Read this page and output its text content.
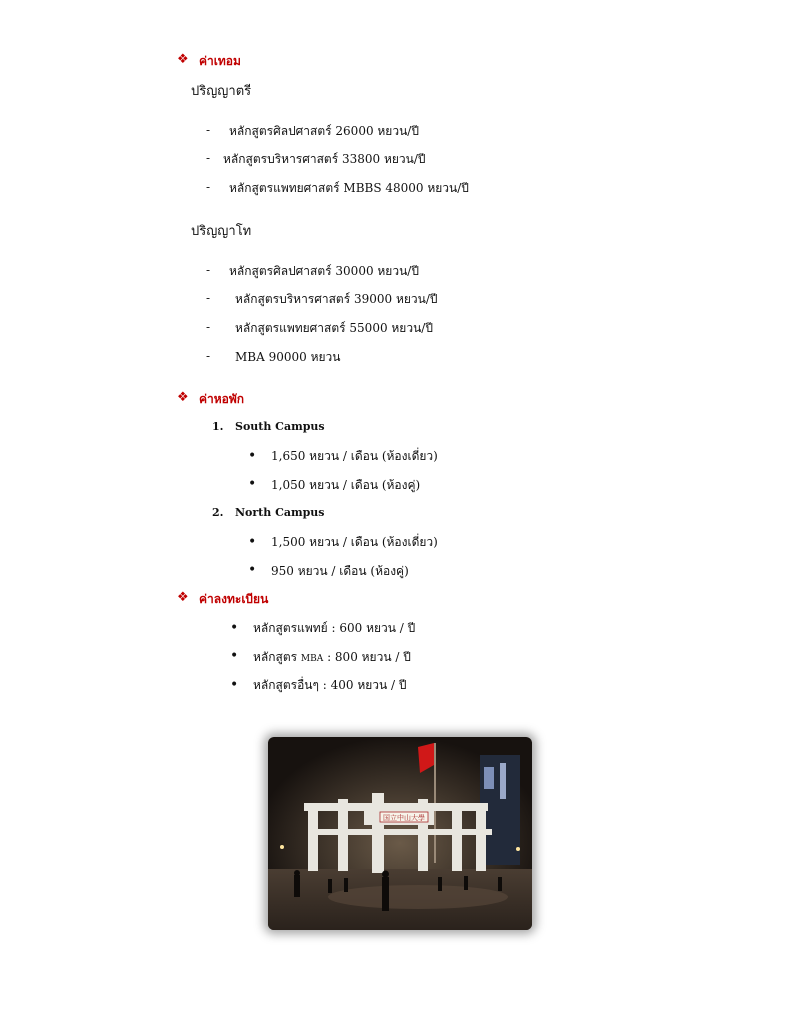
❖ ค่าเทอม
ปริญญาตรี
- หลักสูตรศิลปศาสตร์ 26000 หยวน/ปี
- หลักสูตรบริหารศาสตร์ 33800 หยวน/ปี
- หลักสูตรแพทยศาสตร์ MBBS 48000 หยวน/ปี
ปริญญาโท
- หลักสูตรศิลปศาสตร์ 30000 หยวน/ปี
- หลักสูตรบริหารศาสตร์ 39000 หยวน/ปี
- หลักสูตรแพทยศาสตร์ 55000 หยวน/ปี
- MBA 90000 หยวน
❖ ค่าหอพัก
1. South Campus
• 1,650 หยวน / เดือน (ห้องเดี่ยว)
• 1,050 หยวน / เดือน (ห้องคู่)
2. North Campus
• 1,500 หยวน / เดือน (ห้องเดี่ยว)
• 950 หยวน / เดือน (ห้องคู่)
❖ ค่าลงทะเบียน
• หลักสูตรแพทย์ : 600 หยวน / ปี
• หลักสูตร MBA : 800 หยวน / ปี
• หลักสูตรอื่นๆ : 400 หยวน / ปี
国立中山大學
